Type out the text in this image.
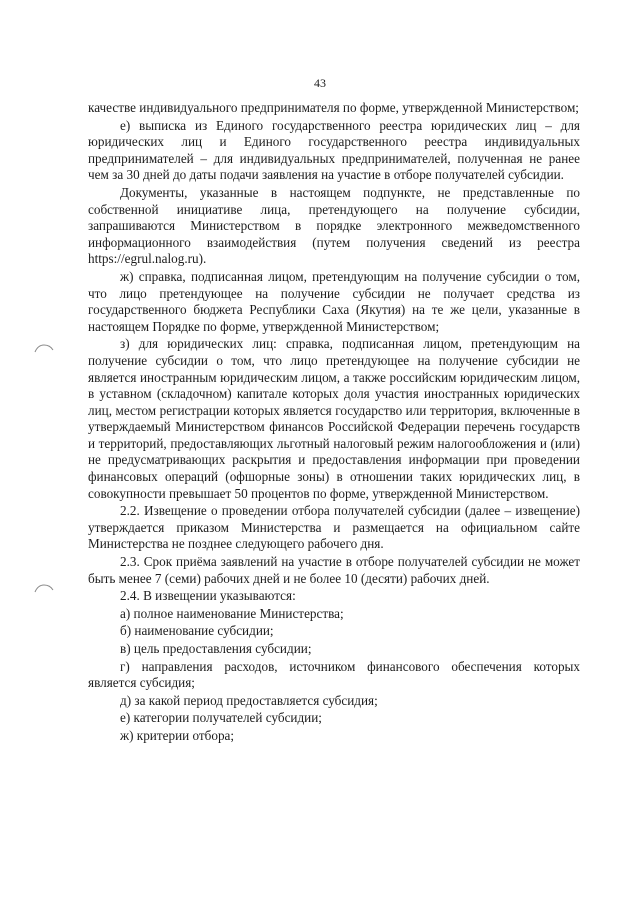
43

качестве индивидуального предпринимателя по форме, утвержденной Министерством;

е) выписка из Единого государственного реестра юридических лиц – для юридических лиц и Единого государственного реестра индивидуальных предпринимателей – для индивидуальных предпринимателей, полученная не ранее чем за 30 дней до даты подачи заявления на участие в отборе получателей субсидии.

Документы, указанные в настоящем подпункте, не представленные по собственной инициативе лица, претендующего на получение субсидии, запрашиваются Министерством в порядке электронного межведомственного информационного взаимодействия (путем получения сведений из реестра https://egrul.nalog.ru).

ж) справка, подписанная лицом, претендующим на получение субсидии о том, что лицо претендующее на получение субсидии не получает средства из государственного бюджета Республики Саха (Якутия) на те же цели, указанные в настоящем Порядке по форме, утвержденной Министерством;

з) для юридических лиц: справка, подписанная лицом, претендующим на получение субсидии о том, что лицо претендующее на получение субсидии не является иностранным юридическим лицом, а также российским юридическим лицом, в уставном (складочном) капитале которых доля участия иностранных юридических лиц, местом регистрации которых является государство или территория, включенные в утверждаемый Министерством финансов Российской Федерации перечень государств и территорий, предоставляющих льготный налоговый режим налогообложения и (или) не предусматривающих раскрытия и предоставления информации при проведении финансовых операций (офшорные зоны) в отношении таких юридических лиц, в совокупности превышает 50 процентов по форме, утвержденной Министерством.

2.2. Извещение о проведении отбора получателей субсидии (далее – извещение) утверждается приказом Министерства и размещается на официальном сайте Министерства не позднее следующего рабочего дня.

2.3. Срок приёма заявлений на участие в отборе получателей субсидии не может быть менее 7 (семи) рабочих дней и не более 10 (десяти) рабочих дней.

2.4. В извещении указываются:

а) полное наименование Министерства;

б) наименование субсидии;

в) цель предоставления субсидии;

г) направления расходов, источником финансового обеспечения которых является субсидия;

д) за какой период предоставляется субсидия;

е) категории получателей субсидии;

ж) критерии отбора;
